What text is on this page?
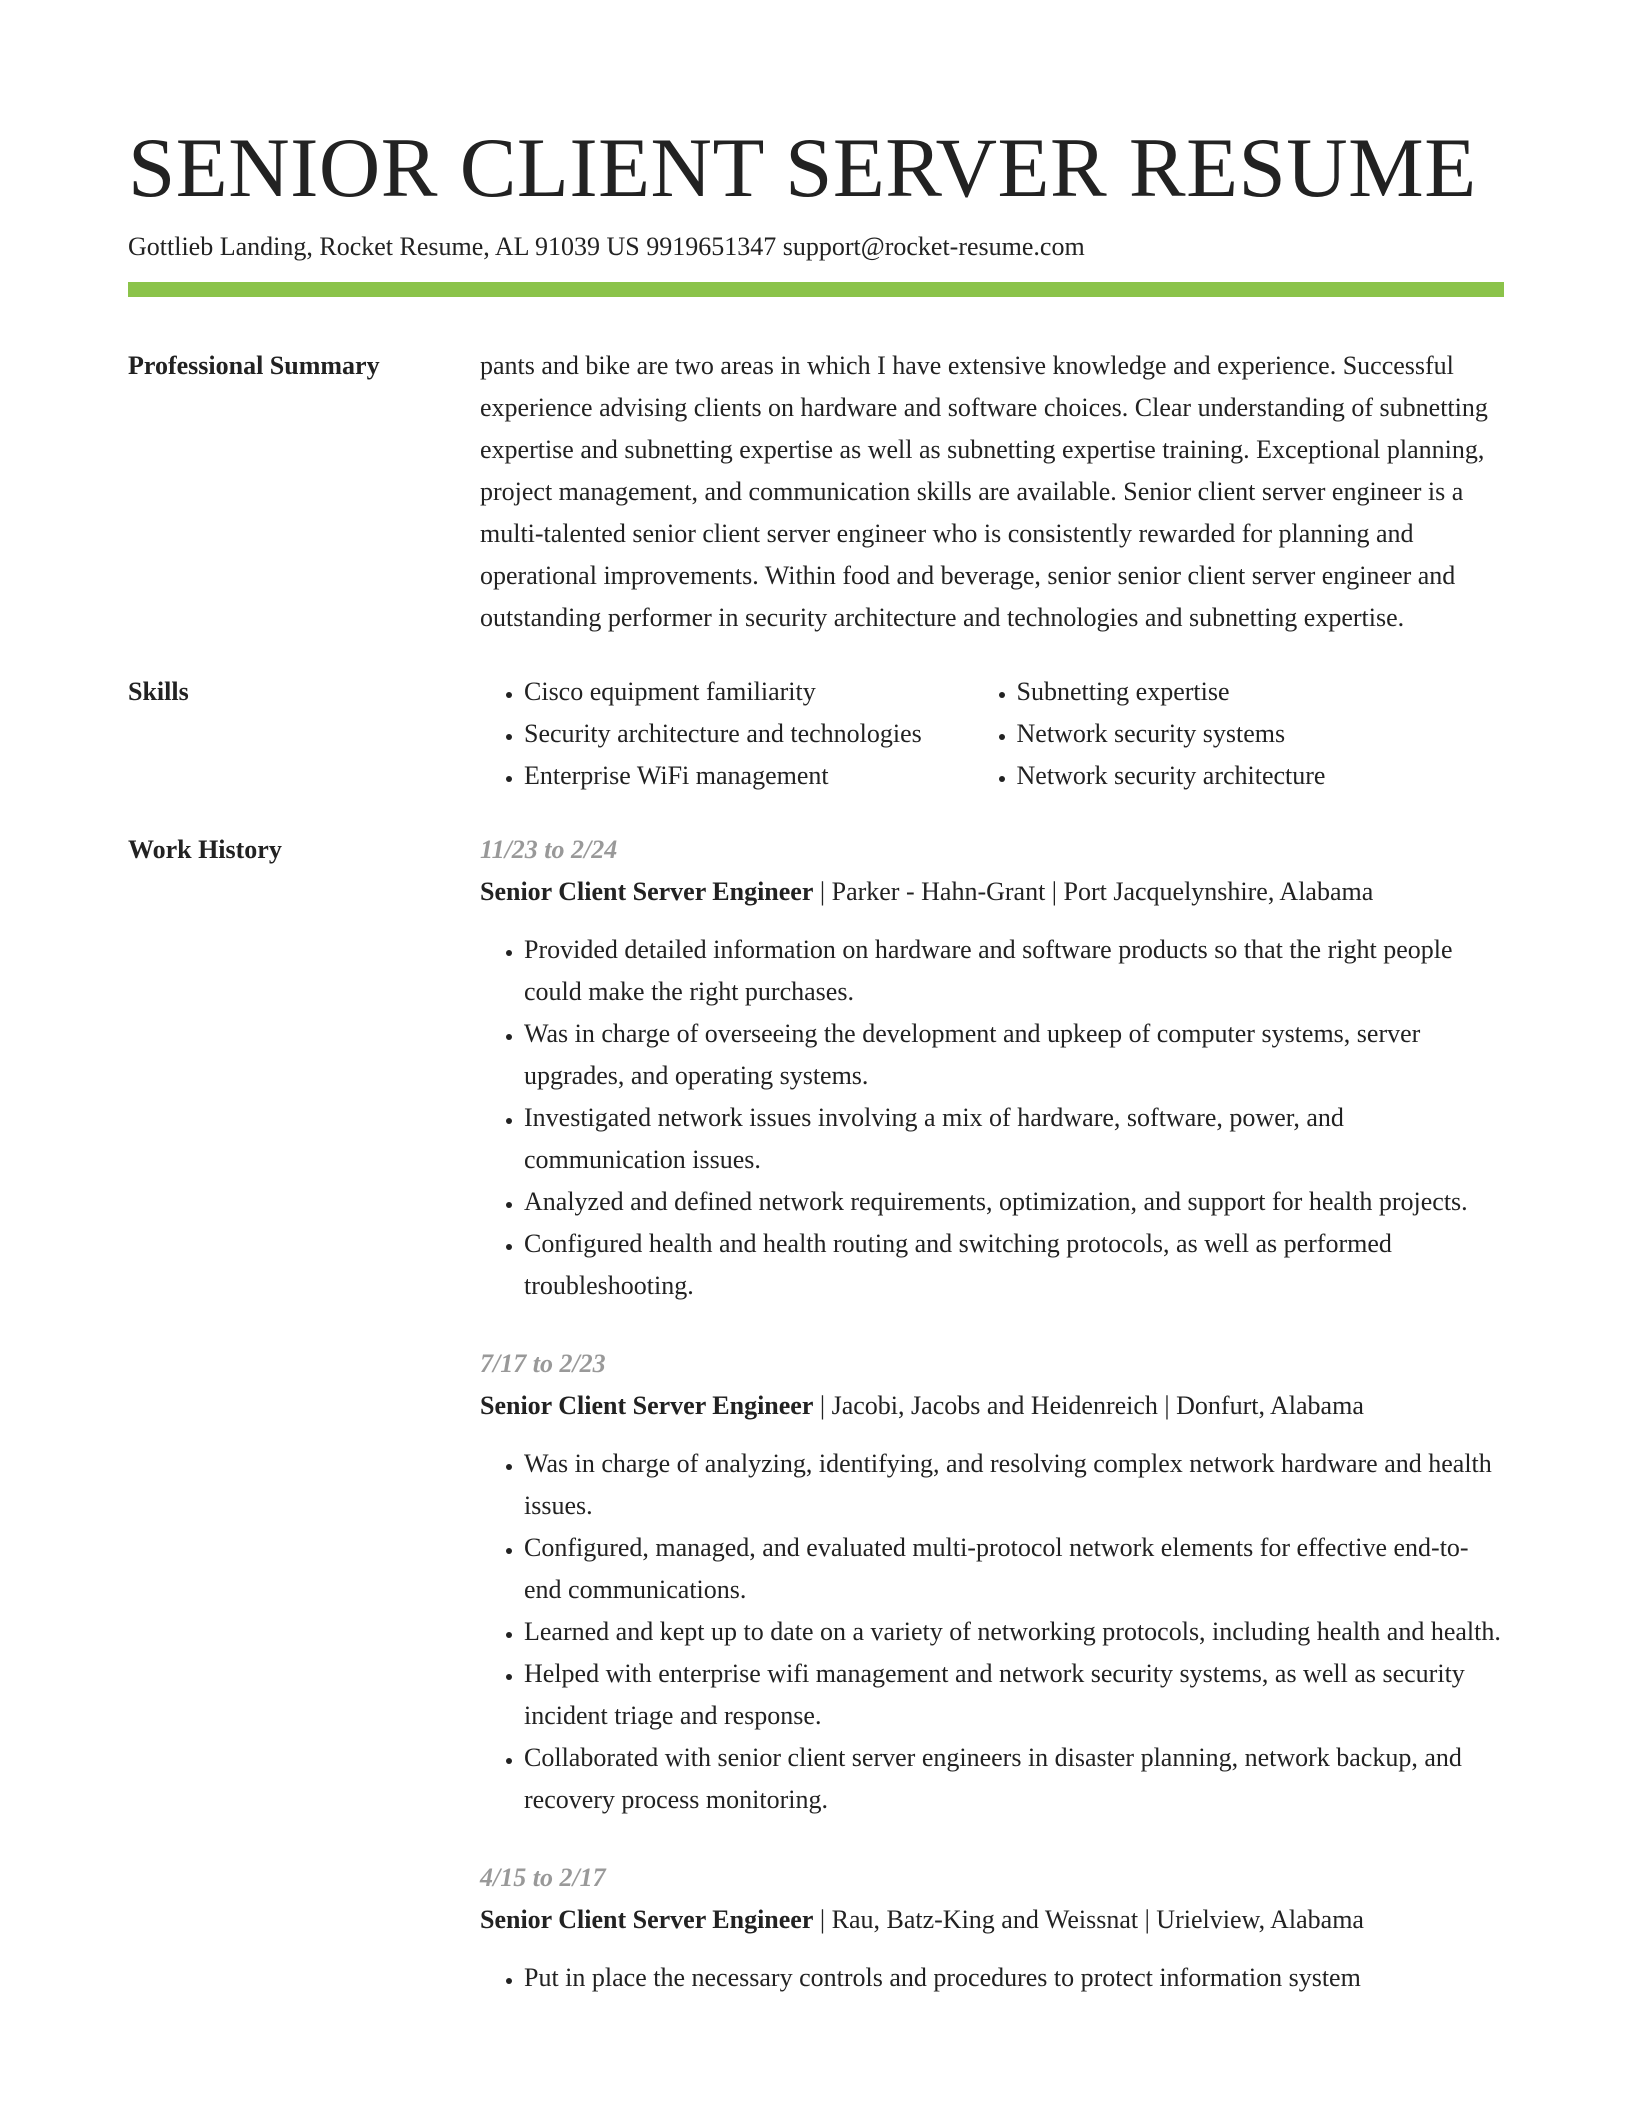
SENIOR CLIENT SERVER RESUME
Gottlieb Landing, Rocket Resume, AL 91039 US 9919651347 support@rocket-resume.com
Professional Summary	pants and bike are two areas in which I have extensive knowledge and experience. Successful experience advising clients on hardware and software choices. Clear understanding of subnetting expertise and subnetting expertise as well as subnetting expertise training. Exceptional planning, project management, and communication skills are available. Senior client server engineer is a multi-talented senior client server engineer who is consistently rewarded for planning and operational improvements. Within food and beverage, senior senior client server engineer and outstanding performer in security architecture and technologies and subnetting expertise.
Skills
•	Cisco equipment familiarity
• Security architecture and technologies
• Enterprise WiFi management
• Subnetting expertise
• Network security systems
• Network security architecture
Work History	11/23 to 2/24
Senior Client Server Engineer | Parker - Hahn-Grant | Port Jacquelynshire, Alabama
• Provided detailed information on hardware and software products so that the right people could make the right purchases.
• Was in charge of overseeing the development and upkeep of computer systems, server upgrades, and operating systems.
• Investigated network issues involving a mix of hardware, software, power, and communication issues.
• Analyzed and defined network requirements, optimization, and support for health projects.
• Configured health and health routing and switching protocols, as well as performed troubleshooting.
7/17 to 2/23
Senior Client Server Engineer | Jacobi, Jacobs and Heidenreich | Donfurt, Alabama
• Was in charge of analyzing, identifying, and resolving complex network hardware and health issues.
• Configured, managed, and evaluated multi-protocol network elements for effective end-to-end communications.
• Learned and kept up to date on a variety of networking protocols, including health and health.
• Helped with enterprise wifi management and network security systems, as well as security incident triage and response.
• Collaborated with senior client server engineers in disaster planning, network backup, and recovery process monitoring.
4/15 to 2/17
Senior Client Server Engineer | Rau, Batz-King and Weissnat | Urielview, Alabama
• Put in place the necessary controls and procedures to protect information system
